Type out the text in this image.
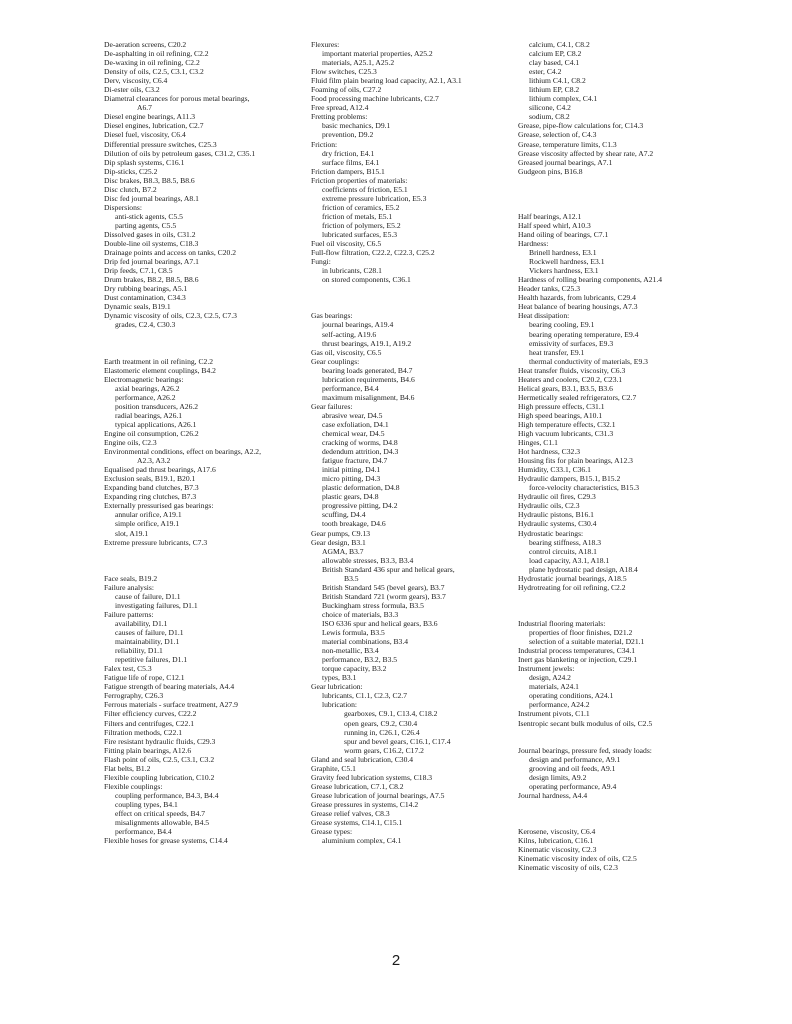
De-aeration screens, C20.2
De-asphalting in oil refining, C2.2
De-waxing in oil refining, C2.2
Density of oils, C2.5, C3.1, C3.2
Derv, viscosity, C6.4
Di-ester oils, C3.2
Diametral clearances for porous metal bearings,
A6.7
Diesel engine bearings, A11.3
Diesel engines, lubrication, C2.7
Diesel fuel, viscosity, C6.4
Differential pressure switches, C25.3
Dilution of oils by petroleum gases, C31.2, C35.1
Dip splash systems, C16.1
Dip-sticks, C25.2
Disc brakes, B8.3, B8.5, B8.6
Disc clutch, B7.2
Disc fed journal bearings, A8.1
Dispersions:
anti-stick agents, C5.5
parting agents, C5.5
Dissolved gases in oils, C31.2
Double-line oil systems, C18.3
Drainage points and access on tanks, C20.2
Drip fed journal bearings, A7.1
Drip feeds, C7.1, C8.5
Drum brakes, B8.2, B8.5, B8.6
Dry rubbing bearings, A5.1
Dust contamination, C34.3
Dynamic seals, B19.1
Dynamic viscosity of oils, C2.3, C2.5, C7.3
grades, C2.4, C30.3
Earth treatment in oil refining, C2.2
Elastomeric element couplings, B4.2
Electromagnetic bearings:
axial bearings, A26.2
performance, A26.2
position transducers, A26.2
radial bearings, A26.1
typical applications, A26.1
Engine oil consumption, C26.2
Engine oils, C2.3
Environmental conditions, effect on bearings, A2.2,
A2.3, A3.2
Equalised pad thrust bearings, A17.6
Exclusion seals, B19.1, B20.1
Expanding band clutches, B7.3
Expanding ring clutches, B7.3
Externally pressurised gas bearings:
annular orifice, A19.1
simple orifice, A19.1
slot, A19.1
Extreme pressure lubricants, C7.3
Face seals, B19.2
Failure analysis:
cause of failure, D1.1
investigating failures, D1.1
Failure patterns:
availability, D1.1
causes of failure, D1.1
maintainability, D1.1
reliability, D1.1
repetitive failures, D1.1
Falex test, C5.3
Fatigue life of rope, C12.1
Fatigue strength of bearing materials, A4.4
Ferrography, C26.3
Ferrous materials - surface treatment, A27.9
Filter efficiency curves, C22.2
Filters and centrifuges, C22.1
Filtration methods, C22.1
Fire resistant hydraulic fluids, C29.3
Fitting plain bearings, A12.6
Flash point of oils, C2.5, C3.1, C3.2
Flat belts, B1.2
Flexible coupling lubrication, C10.2
Flexible couplings:
coupling performance, B4.3, B4.4
coupling types, B4.1
effect on critical speeds, B4.7
misalignments allowable, B4.5
performance, B4.4
Flexible hoses for grease systems, C14.4
Flexures:
important material properties, A25.2
materials, A25.1, A25.2
Flow switches, C25.3
Fluid film plain bearing load capacity, A2.1, A3.1
Foaming of oils, C27.2
Food processing machine lubricants, C2.7
Free spread, A12.4
Fretting problems:
basic mechanics, D9.1
prevention, D9.2
Friction:
dry friction, E4.1
surface films, E4.1
Friction dampers, B15.1
Friction properties of materials:
coefficients of friction, E5.1
extreme pressure lubrication, E5.3
friction of ceramics, E5.2
friction of metals, E5.1
friction of polymers, E5.2
lubricated surfaces, E5.3
Fuel oil viscosity, C6.5
Full-flow filtration, C22.2, C22.3, C25.2
Fungi:
in lubricants, C28.1
on stored components, C36.1
Gas bearings:
journal bearings, A19.4
self-acting, A19.6
thrust bearings, A19.1, A19.2
Gas oil, viscosity, C6.5
Gear couplings:
bearing loads generated, B4.7
lubrication requirements, B4.6
performance, B4.4
maximum misalignment, B4.6
Gear failures:
abrasive wear, D4.5
case exfoliation, D4.1
chemical wear, D4.5
cracking of worms, D4.8
dedendum attrition, D4.3
fatigue fracture, D4.7
initial pitting, D4.1
micro pitting, D4.3
plastic deformation, D4.8
plastic gears, D4.8
progressive pitting, D4.2
scuffing, D4.4
tooth breakage, D4.6
Gear pumps, C9.13
Gear design, B3.1
AGMA, B3.7
allowable stresses, B3.3, B3.4
British Standard 436 spur and helical gears,
B3.5
British Standard 545 (bevel gears), B3.7
British Standard 721 (worm gears), B3.7
Buckingham stress formula, B3.5
choice of materials, B3.3
ISO 6336 spur and helical gears, B3.6
Lewis formula, B3.5
material combinations, B3.4
non-metallic, B3.4
performance, B3.2, B3.5
torque capacity, B3.2
types, B3.1
Gear lubrication:
lubricants, C1.1, C2.3, C2.7
lubrication:
gearboxes, C9.1, C13.4, C18.2
open gears, C9.2, C30.4
running in, C26.1, C26.4
spur and bevel gears, C16.1, C17.4
worm gears, C16.2, C17.2
Gland and seal lubrication, C30.4
Graphite, C5.1
Gravity feed lubrication systems, C18.3
Grease lubrication, C7.1, C8.2
Grease lubrication of journal bearings, A7.5
Grease pressures in systems, C14.2
Grease relief valves, C8.3
Grease systems, C14.1, C15.1
Grease types:
aluminium complex, C4.1
calcium, C4.1, C8.2
calcium EP, C8.2
clay based, C4.1
ester, C4.2
lithium C4.1, C8.2
lithium EP, C8.2
lithium complex, C4.1
silicone, C4.2
sodium, C8.2
Grease, pipe-flow calculations for, C14.3
Grease, selection of, C4.3
Grease, temperature limits, C1.3
Grease viscosity affected by shear rate, A7.2
Greased journal bearings, A7.1
Gudgeon pins, B16.8
Half bearings, A12.1
Half speed whirl, A10.3
Hand oiling of bearings, C7.1
Hardness:
Brinell hardness, E3.1
Rockwell hardness, E3.1
Vickers hardness, E3.1
Hardness of rolling bearing components, A21.4
Header tanks, C25.3
Health hazards, from lubricants, C29.4
Heat balance of bearing housings, A7.3
Heat dissipation:
bearing cooling, E9.1
bearing operating temperature, E9.4
emissivity of surfaces, E9.3
heat transfer, E9.1
thermal conductivity of materials, E9.3
Heat transfer fluids, viscosity, C6.3
Heaters and coolers, C20.2, C23.1
Helical gears, B3.1, B3.5, B3.6
Hermetically sealed refrigerators, C2.7
High pressure effects, C31.1
High speed bearings, A10.1
High temperature effects, C32.1
High vacuum lubricants, C31.3
Hinges, C1.1
Hot hardness, C32.3
Housing fits for plain bearings, A12.3
Humidity, C33.1, C36.1
Hydraulic dampers, B15.1, B15.2
force-velocity characteristics, B15.3
Hydraulic oil fires, C29.3
Hydraulic oils, C2.3
Hydraulic pistons, B16.1
Hydraulic systems, C30.4
Hydrostatic bearings:
bearing stiffness, A18.3
control circuits, A18.1
load capacity, A3.1, A18.1
plane hydrostatic pad design, A18.4
Hydrostatic journal bearings, A18.5
Hydrotreating for oil refining, C2.2
Industrial flooring materials:
properties of floor finishes, D21.2
selection of a suitable material, D21.1
Industrial process temperatures, C34.1
Inert gas blanketing or injection, C29.1
Instrument jewels:
design, A24.2
materials, A24.1
operating conditions, A24.1
performance, A24.2
Instrument pivots, C1.1
Isentropic secant bulk modulus of oils, C2.5
Journal bearings, pressure fed, steady loads:
design and performance, A9.1
grooving and oil feeds, A9.1
design limits, A9.2
operating performance, A9.4
Journal hardness, A4.4
Kerosene, viscosity, C6.4
Kilns, lubrication, C16.1
Kinematic viscosity, C2.3
Kinematic viscosity index of oils, C2.5
Kinematic viscosity of oils, C2.3
2
